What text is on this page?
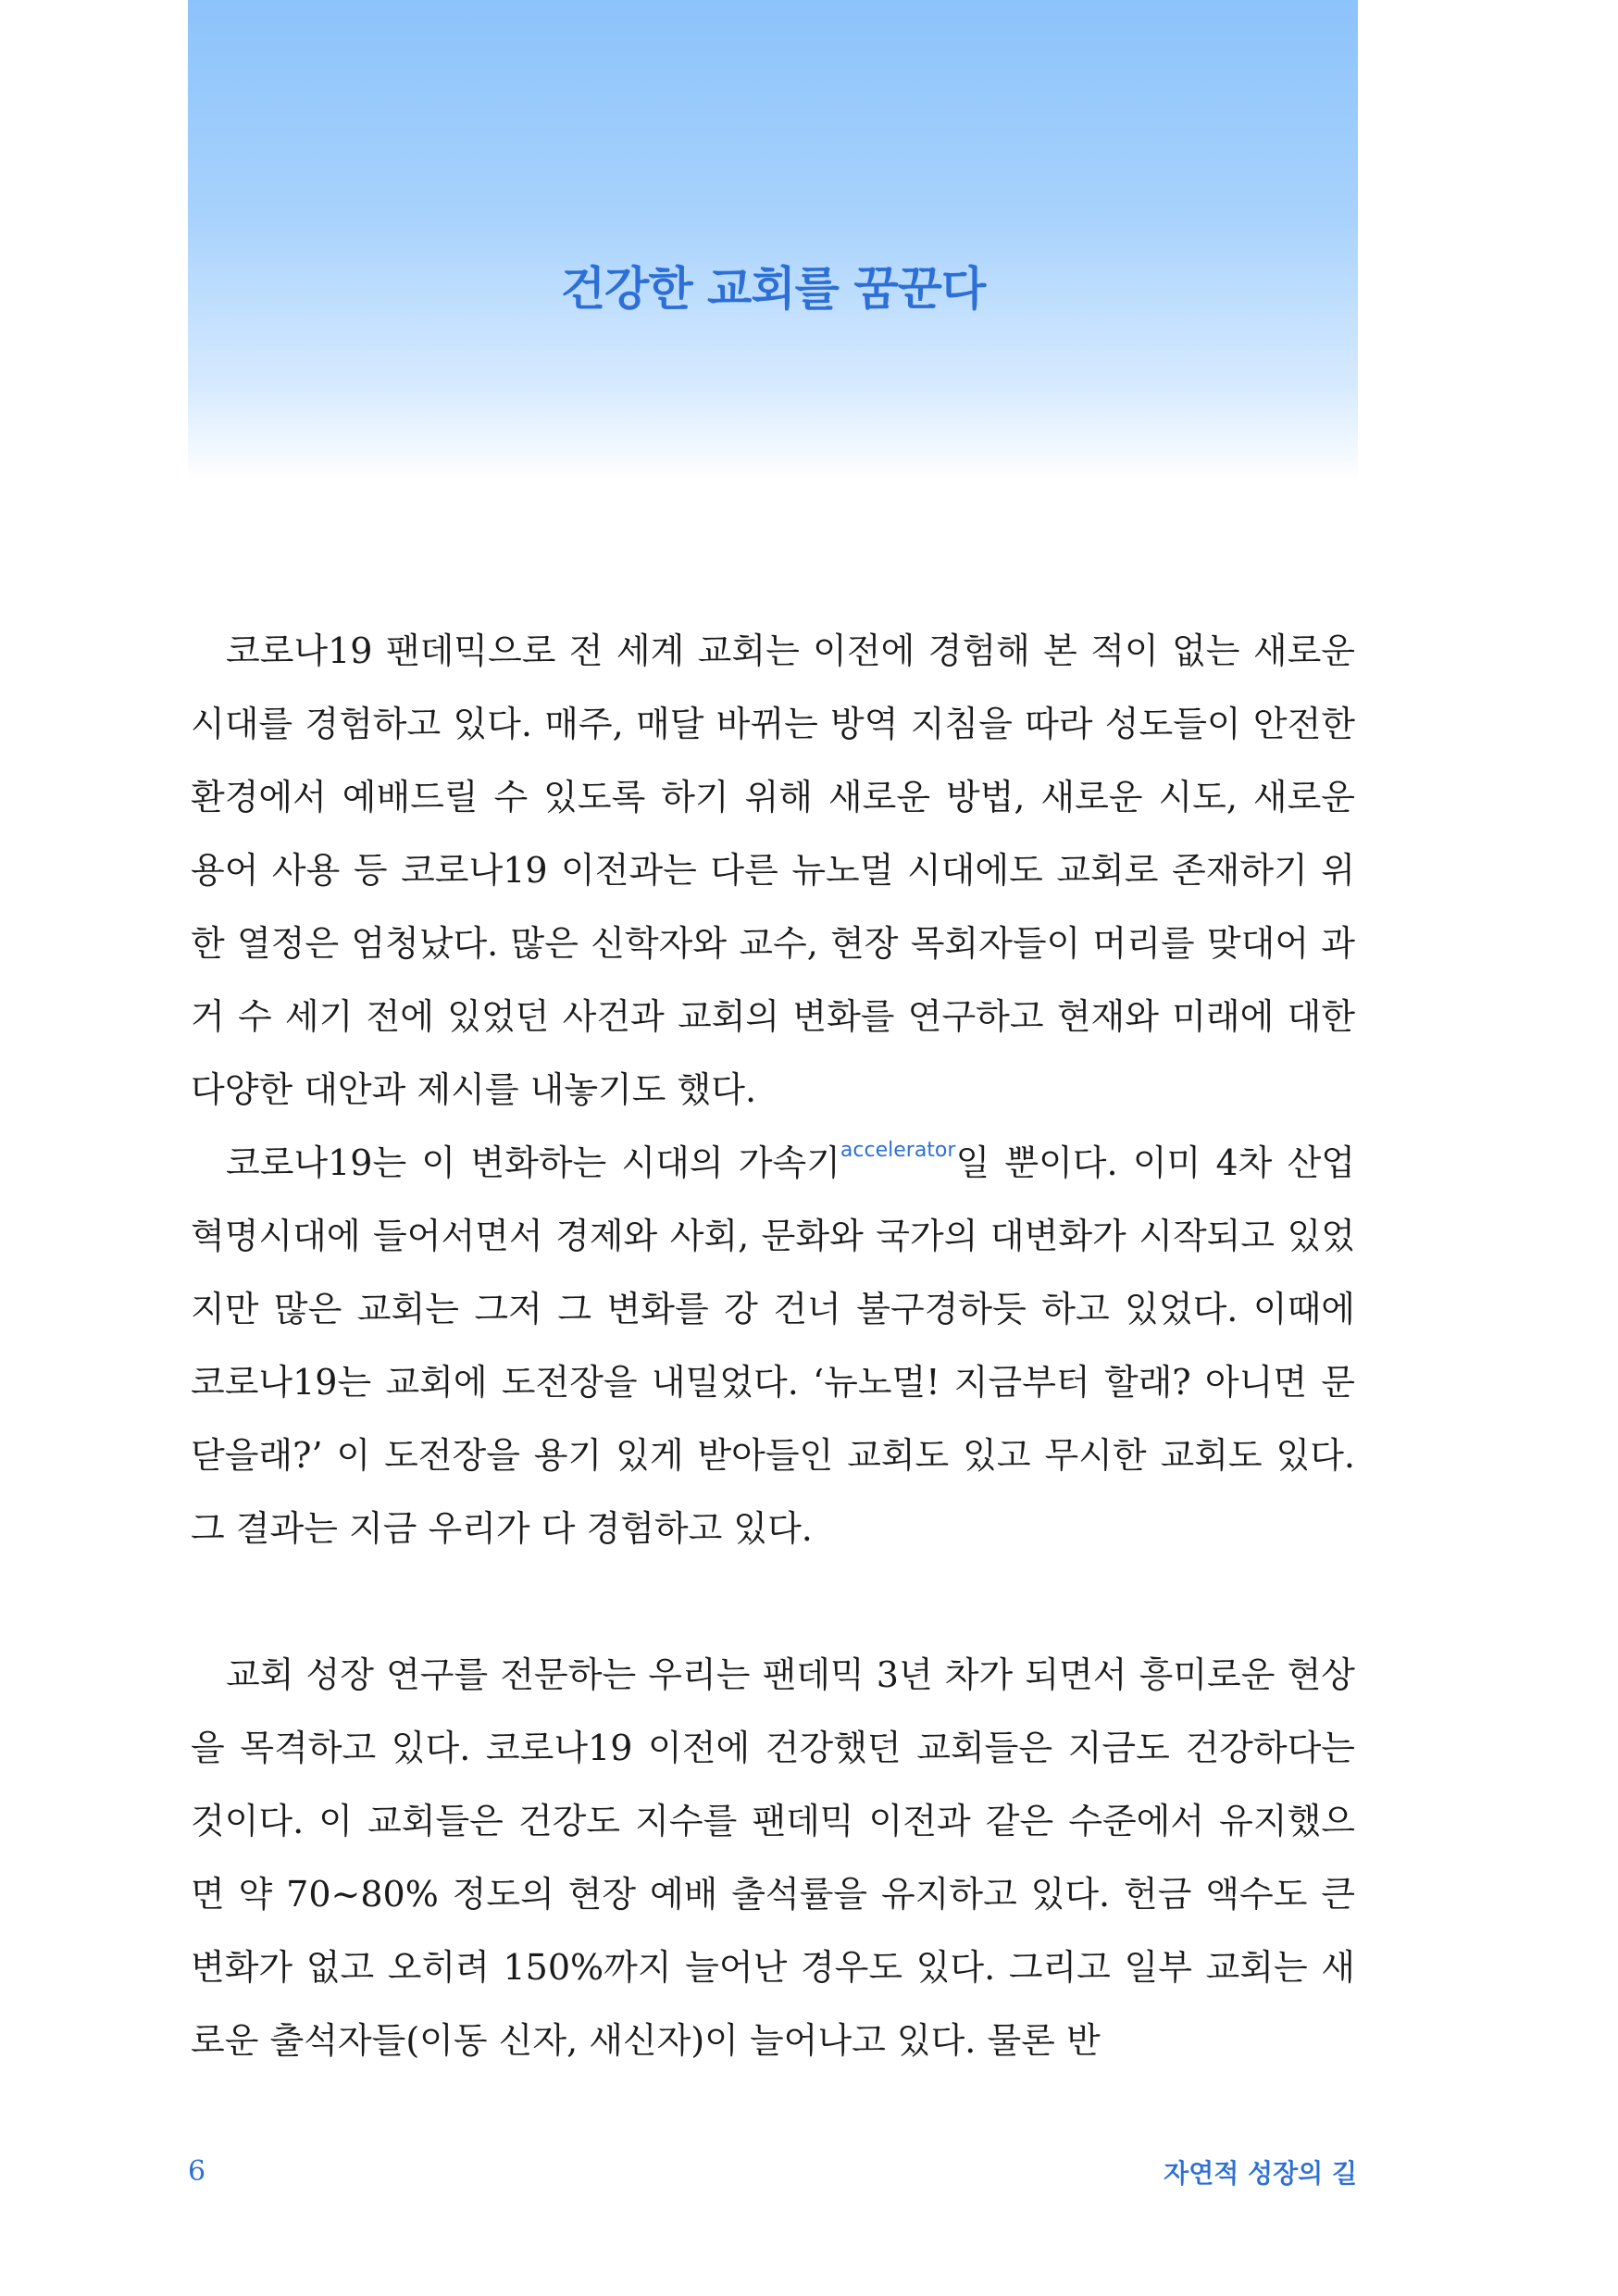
건강한 교회를 꿈꾼다

코로나19 팬데믹으로 전 세계 교회는 이전에 경험해 본 적이 없는 새로운 시대를 경험하고 있다. 매주, 매달 바뀌는 방역 지침을 따라 성도들이 안전한 환경에서 예배드릴 수 있도록 하기 위해 새로운 방법, 새로운 시도, 새로운 용어 사용 등 코로나19 이전과는 다른 뉴노멀 시대에도 교회로 존재하기 위한 열정은 엄청났다. 많은 신학자와 교수, 현장 목회자들이 머리를 맞대어 과거 수 세기 전에 있었던 사건과 교회의 변화를 연구하고 현재와 미래에 대한 다양한 대안과 제시를 내놓기도 했다.

코로나19는 이 변화하는 시대의 가속기$^{accelerator}$일 뿐이다. 이미 4차 산업혁명시대에 들어서면서 경제와 사회, 문화와 국가의 대변화가 시작되고 있었지만 많은 교회는 그저 그 변화를 강 건너 불구경하듯 하고 있었다. 이때에 코로나19는 교회에 도전장을 내밀었다. ‘뉴노멀! 지금부터 할래? 아니면 문 닫을래?’ 이 도전장을 용기 있게 받아들인 교회도 있고 무시한 교회도 있다. 그 결과는 지금 우리가 다 경험하고 있다.

교회 성장 연구를 전문하는 우리는 팬데믹 3년 차가 되면서 흥미로운 현상을 목격하고 있다. 코로나19 이전에 건강했던 교회들은 지금도 건강하다는 것이다. 이 교회들은 건강도 지수를 팬데믹 이전과 같은 수준에서 유지했으면 약 70~80% 정도의 현장 예배 출석률을 유지하고 있다. 헌금 액수도 큰 변화가 없고 오히려 150%까지 늘어난 경우도 있다. 그리고 일부 교회는 새로운 출석자들(이동 신자, 새신자)이 늘어나고 있다. 물론 반

6	자연적 성장의 길
